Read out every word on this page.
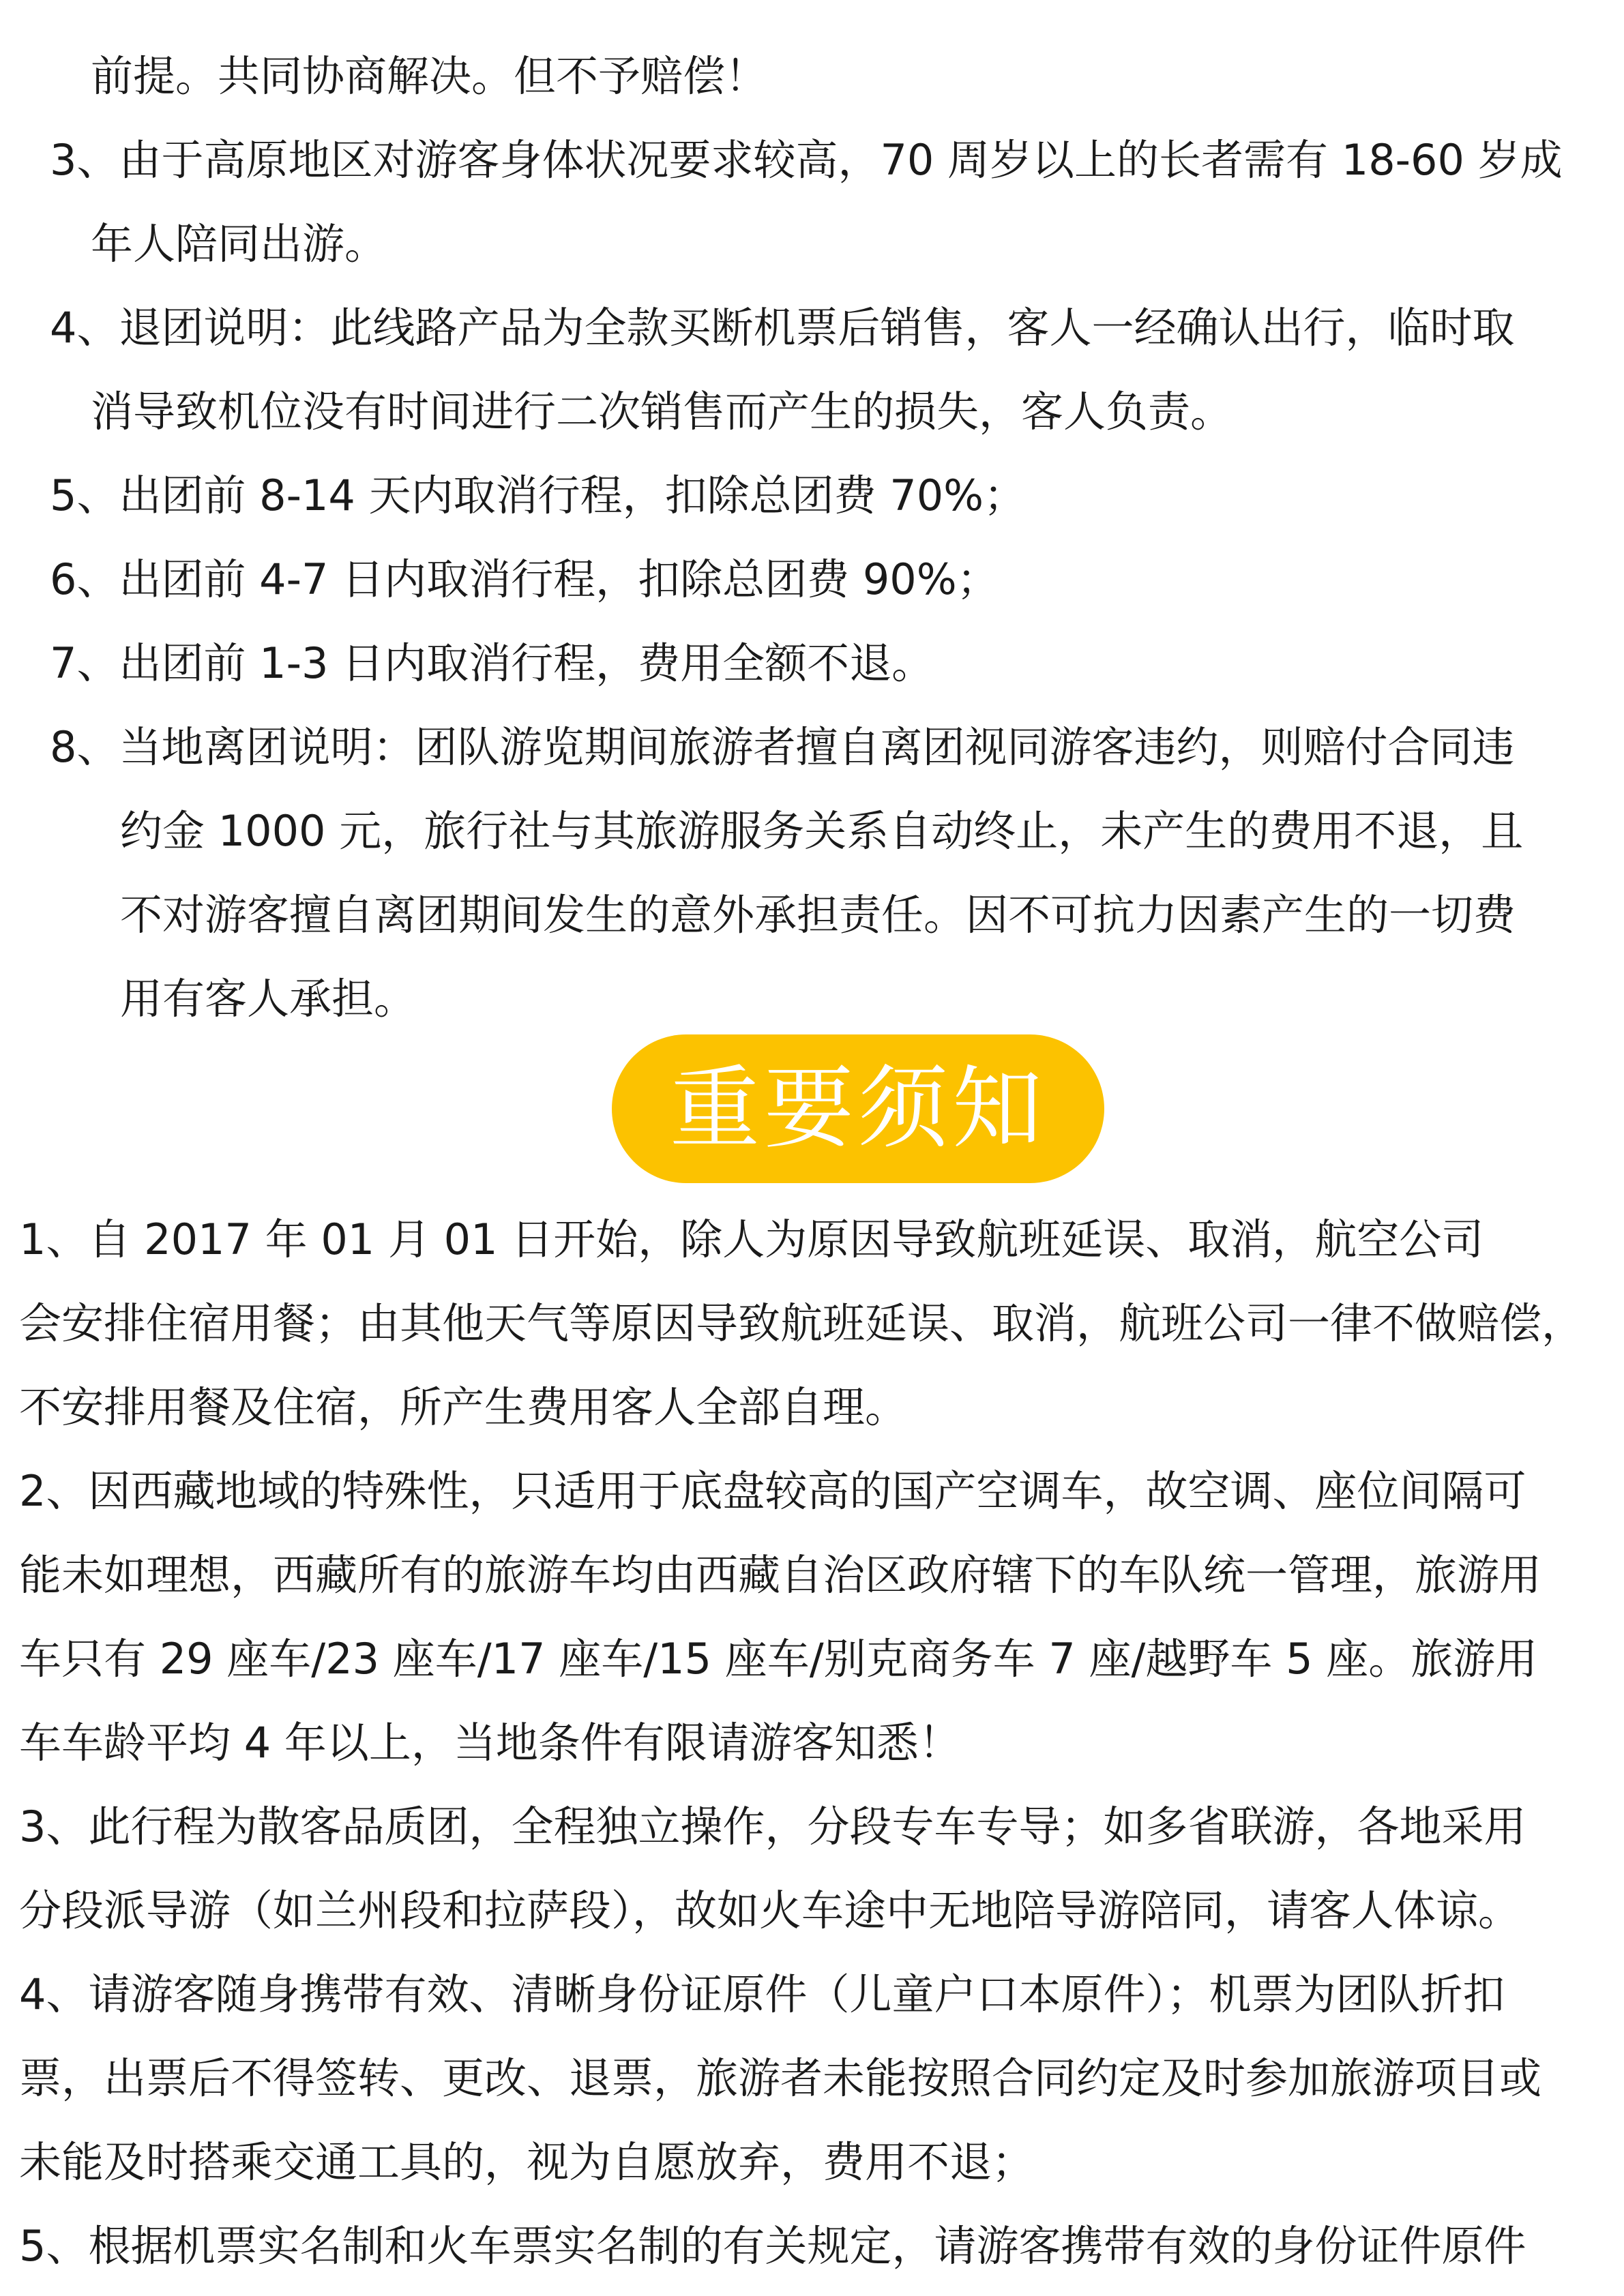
前提。共同协商解决。但不予赔偿！
3、由于高原地区对游客身体状况要求较高，70 周岁以上的长者需有 18-60 岁成
年人陪同出游。
4、退团说明：此线路产品为全款买断机票后销售，客人一经确认出行，临时取
消导致机位没有时间进行二次销售而产生的损失，客人负责。
5、出团前 8-14 天内取消行程，扣除总团费 70%；
6、出团前 4-7 日内取消行程，扣除总团费 90%；
7、出团前 1-3 日内取消行程，费用全额不退。
8、当地离团说明：团队游览期间旅游者擅自离团视同游客违约，则赔付合同违
约金 1000 元，旅行社与其旅游服务关系自动终止，未产生的费用不退，且
不对游客擅自离团期间发生的意外承担责任。因不可抗力因素产生的一切费
用有客人承担。
重要须知
1、自 2017 年 01 月 01 日开始，除人为原因导致航班延误、取消，航空公司
会安排住宿用餐；由其他天气等原因导致航班延误、取消，航班公司一律不做赔偿，
不安排用餐及住宿，所产生费用客人全部自理。
2、因西藏地域的特殊性，只适用于底盘较高的国产空调车，故空调、座位间隔可
能未如理想，西藏所有的旅游车均由西藏自治区政府辖下的车队统一管理，旅游用
车只有 29 座车/23 座车/17 座车/15 座车/别克商务车 7 座/越野车 5 座。旅游用
车车龄平均 4 年以上，当地条件有限请游客知悉！
3、此行程为散客品质团，全程独立操作，分段专车专导；如多省联游，各地采用
分段派导游（如兰州段和拉萨段），故如火车途中无地陪导游陪同，请客人体谅。
4、请游客随身携带有效、清晰身份证原件（儿童户口本原件）；机票为团队折扣
票，出票后不得签转、更改、退票，旅游者未能按照合同约定及时参加旅游项目或
未能及时搭乘交通工具的，视为自愿放弃，费用不退；
5、根据机票实名制和火车票实名制的有关规定，请游客携带有效的身份证件原件
